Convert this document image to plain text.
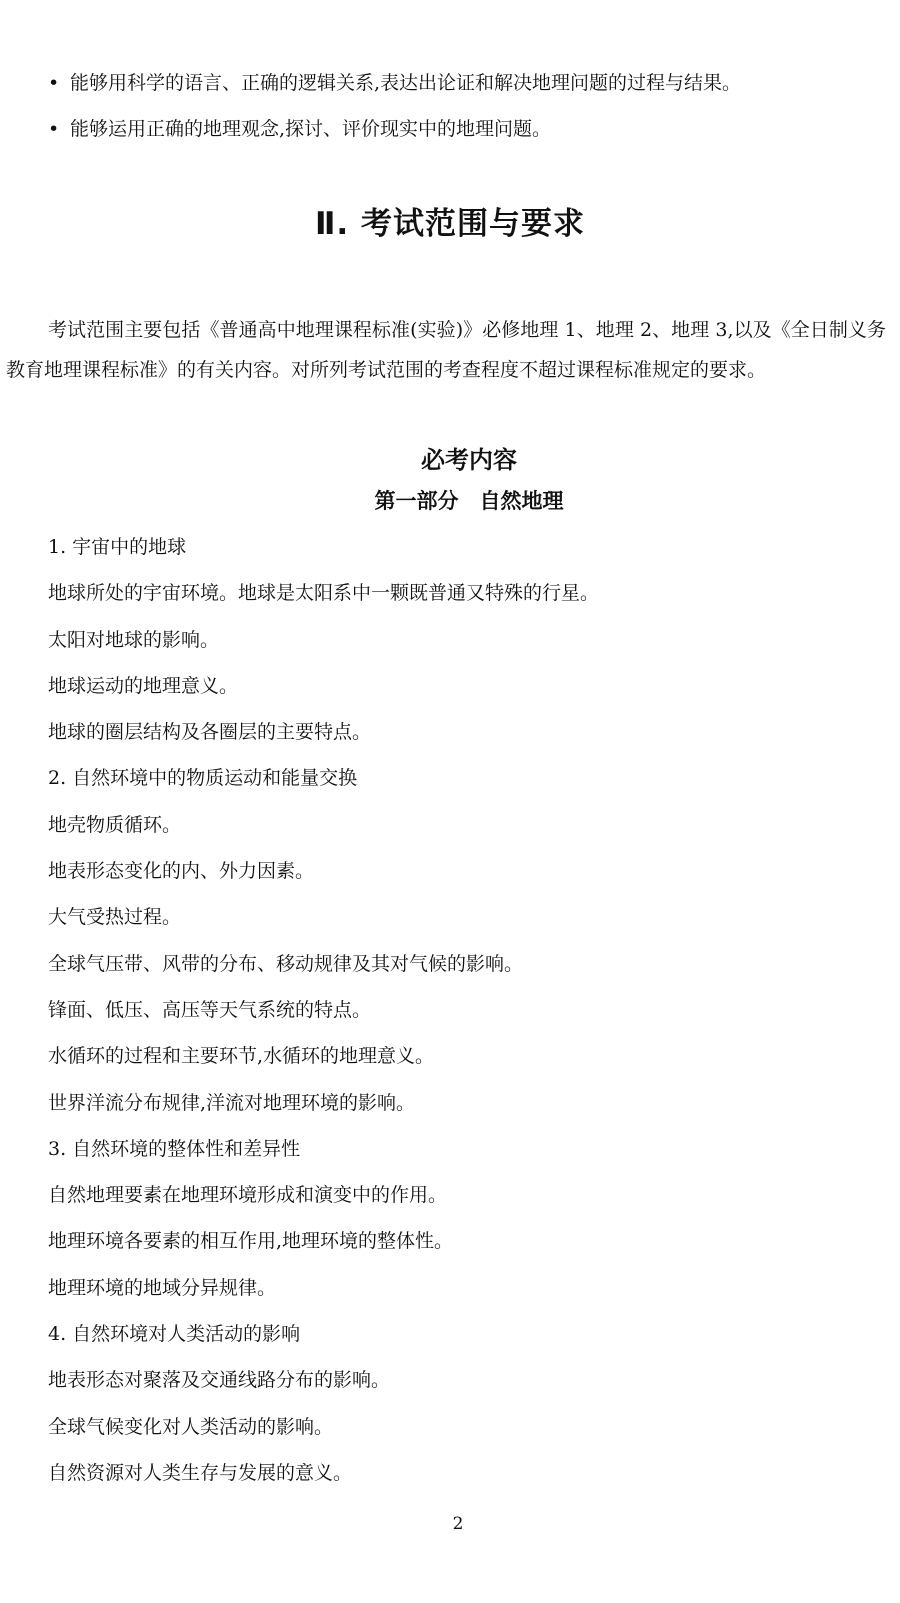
• 能够用科学的语言、正确的逻辑关系,表达出论证和解决地理问题的过程与结果。
• 能够运用正确的地理观念,探讨、评价现实中的地理问题。
Ⅱ. 考试范围与要求

考试范围主要包括《普通高中地理课程标准(实验)》必修地理 1、地理 2、地理 3,以及《全日制义务教育地理课程标准》的有关内容。对所列考试范围的考查程度不超过课程标准规定的要求。

必考内容
第一部分　自然地理
1. 宇宙中的地球
地球所处的宇宙环境。地球是太阳系中一颗既普通又特殊的行星。
太阳对地球的影响。
地球运动的地理意义。
地球的圈层结构及各圈层的主要特点。
2. 自然环境中的物质运动和能量交换
地壳物质循环。
地表形态变化的内、外力因素。
大气受热过程。
全球气压带、风带的分布、移动规律及其对气候的影响。
锋面、低压、高压等天气系统的特点。
水循环的过程和主要环节,水循环的地理意义。
世界洋流分布规律,洋流对地理环境的影响。
3. 自然环境的整体性和差异性
自然地理要素在地理环境形成和演变中的作用。
地理环境各要素的相互作用,地理环境的整体性。
地理环境的地域分异规律。
4. 自然环境对人类活动的影响
地表形态对聚落及交通线路分布的影响。
全球气候变化对人类活动的影响。
自然资源对人类生存与发展的意义。
2
